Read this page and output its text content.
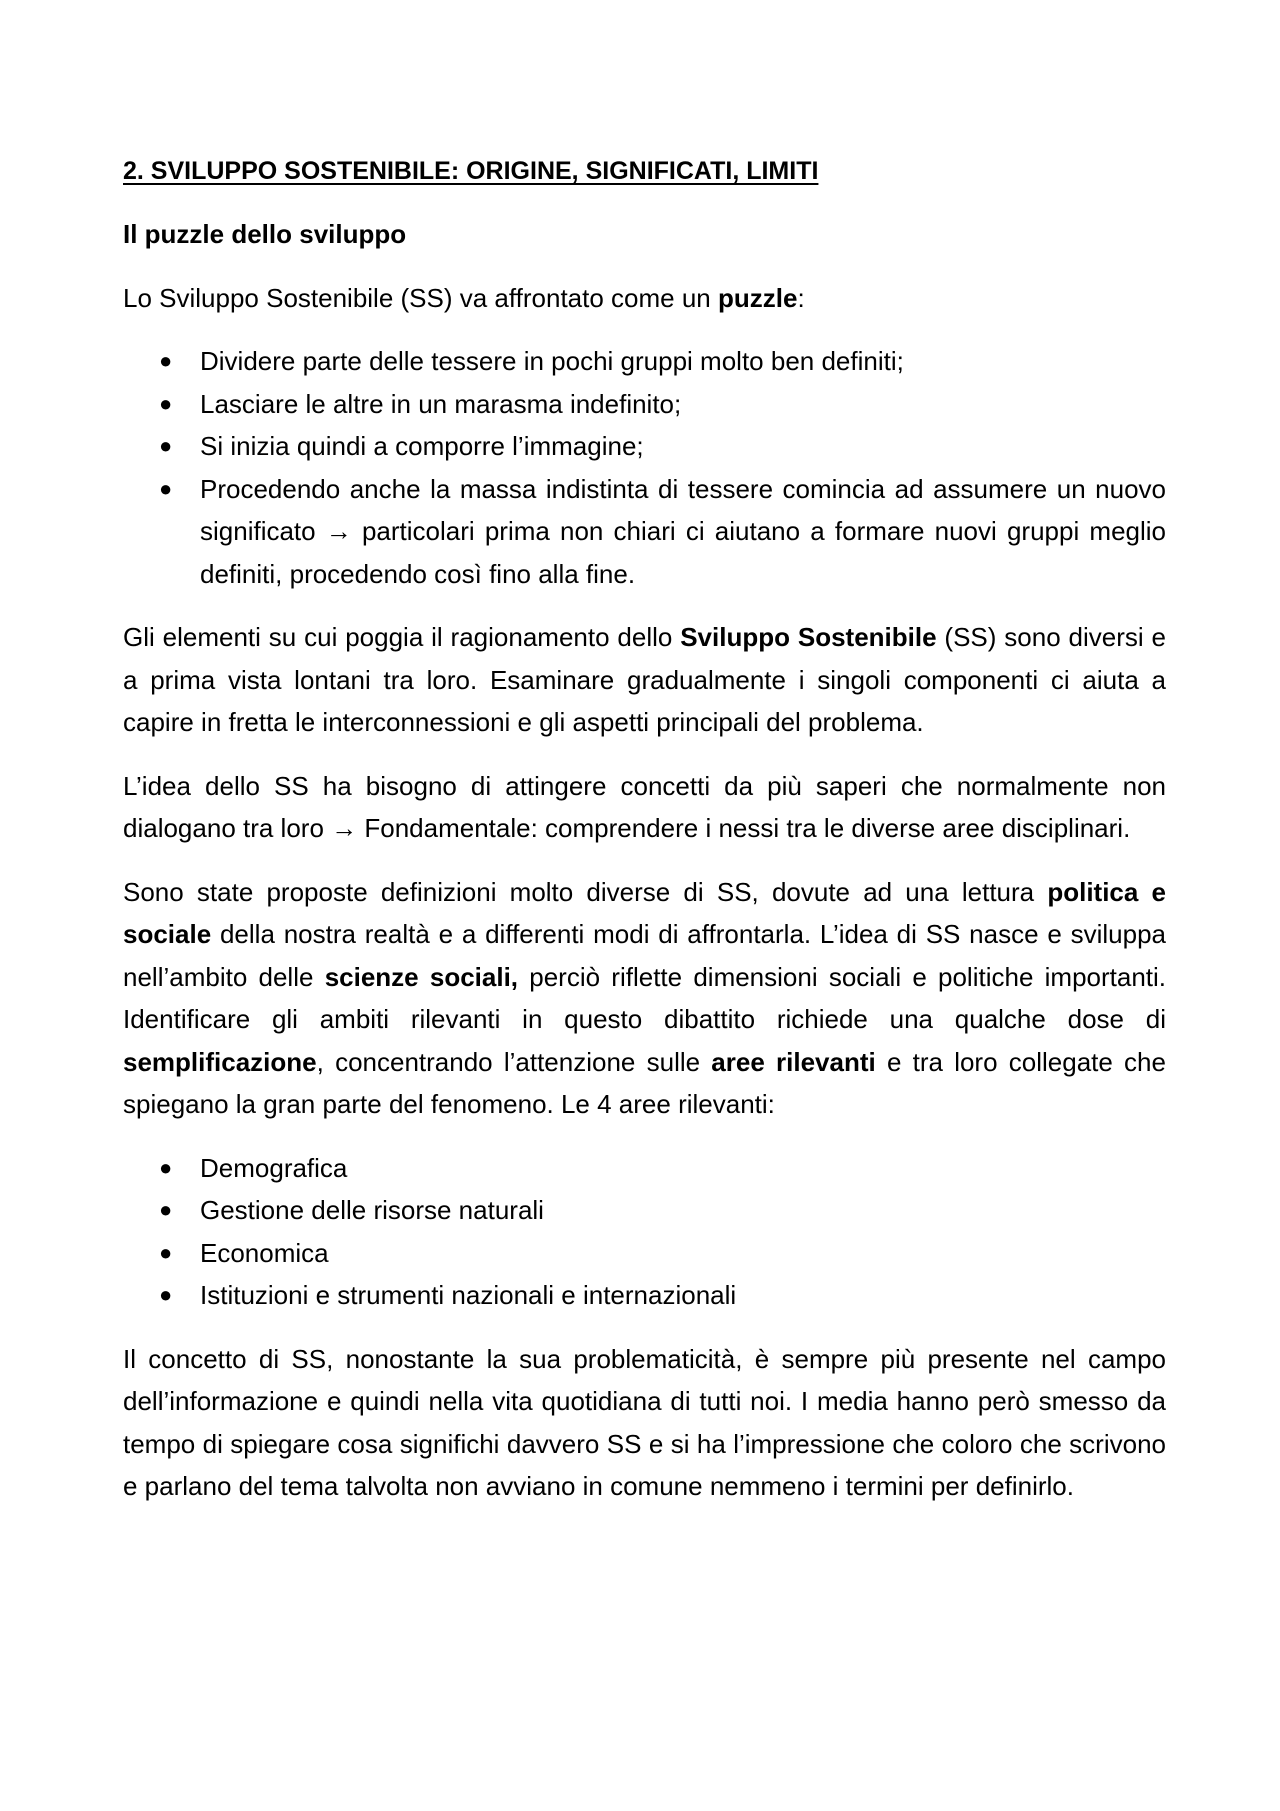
2. SVILUPPO SOSTENIBILE: ORIGINE, SIGNIFICATI, LIMITI
Il puzzle dello sviluppo

Lo Sviluppo Sostenibile (SS) va affrontato come un puzzle:

● Dividere parte delle tessere in pochi gruppi molto ben definiti;
● Lasciare le altre in un marasma indefinito;
● Si inizia quindi a comporre l’immagine;
● Procedendo anche la massa indistinta di tessere comincia ad assumere un nuovo significato → particolari prima non chiari ci aiutano a formare nuovi gruppi meglio definiti, procedendo così fino alla fine.

Gli elementi su cui poggia il ragionamento dello Sviluppo Sostenibile (SS) sono diversi e a prima vista lontani tra loro. Esaminare gradualmente i singoli componenti ci aiuta a capire in fretta le interconnessioni e gli aspetti principali del problema.

L’idea dello SS ha bisogno di attingere concetti da più saperi che normalmente non dialogano tra loro → Fondamentale: comprendere i nessi tra le diverse aree disciplinari.

Sono state proposte definizioni molto diverse di SS, dovute ad una lettura politica e sociale della nostra realtà e a differenti modi di affrontarla. L’idea di SS nasce e sviluppa nell’ambito delle scienze sociali, perciò riflette dimensioni sociali e politiche importanti. Identificare gli ambiti rilevanti in questo dibattito richiede una qualche dose di semplificazione, concentrando l’attenzione sulle aree rilevanti e tra loro collegate che spiegano la gran parte del fenomeno. Le 4 aree rilevanti:

● Demografica
● Gestione delle risorse naturali
● Economica
● Istituzioni e strumenti nazionali e internazionali

Il concetto di SS, nonostante la sua problematicità, è sempre più presente nel campo dell’informazione e quindi nella vita quotidiana di tutti noi. I media hanno però smesso da tempo di spiegare cosa significhi davvero SS e si ha l’impressione che coloro che scrivono e parlano del tema talvolta non avviano in comune nemmeno i termini per definirlo.
